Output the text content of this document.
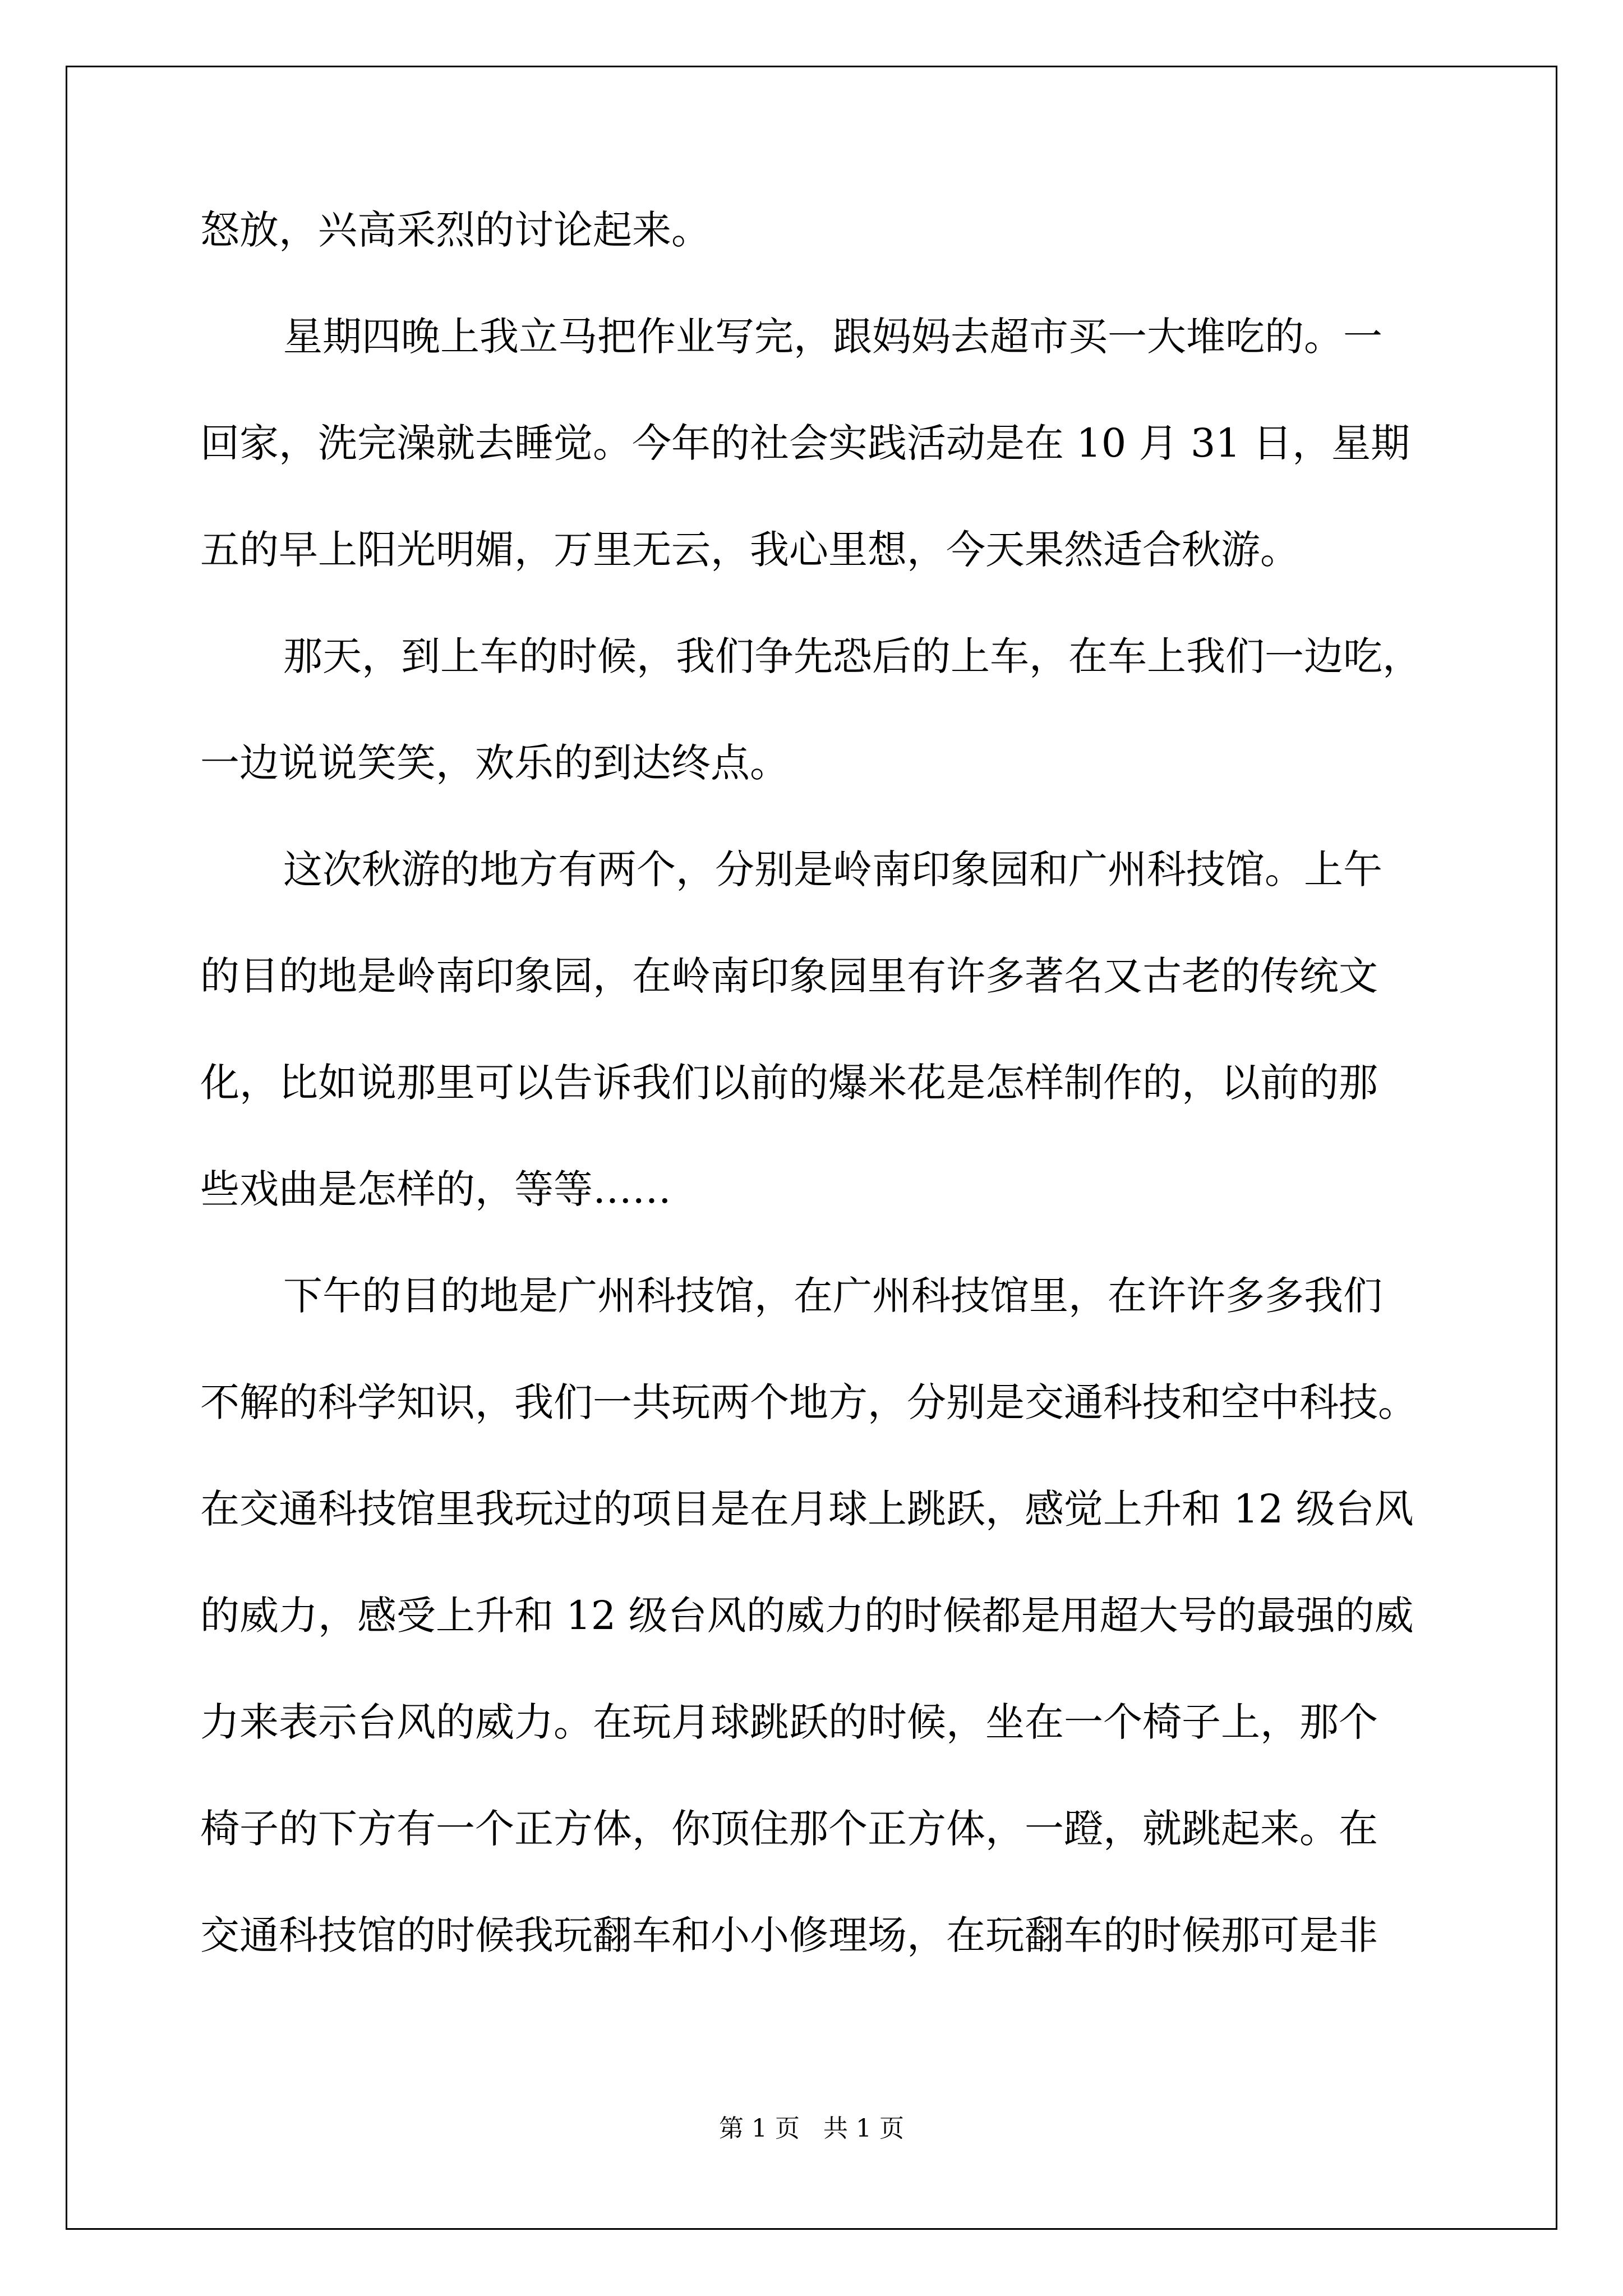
怒放，兴高采烈的讨论起来。
星期四晚上我立马把作业写完，跟妈妈去超市买一大堆吃的。一
回家，洗完澡就去睡觉。今年的社会实践活动是在 10 月 31 日，星期
五的早上阳光明媚，万里无云，我心里想，今天果然适合秋游。
那天，到上车的时候，我们争先恐后的上车，在车上我们一边吃，
一边说说笑笑，欢乐的到达终点。
这次秋游的地方有两个，分别是岭南印象园和广州科技馆。上午
的目的地是岭南印象园，在岭南印象园里有许多著名又古老的传统文
化，比如说那里可以告诉我们以前的爆米花是怎样制作的，以前的那
些戏曲是怎样的，等等……
下午的目的地是广州科技馆，在广州科技馆里，在许许多多我们
不解的科学知识，我们一共玩两个地方，分别是交通科技和空中科技。
在交通科技馆里我玩过的项目是在月球上跳跃，感觉上升和 12 级台风
的威力，感受上升和 12 级台风的威力的时候都是用超大号的最强的威
力来表示台风的威力。在玩月球跳跃的时候，坐在一个椅子上，那个
椅子的下方有一个正方体，你顶住那个正方体，一蹬，就跳起来。在
交通科技馆的时候我玩翻车和小小修理场，在玩翻车的时候那可是非
第 1 页   共 1 页
